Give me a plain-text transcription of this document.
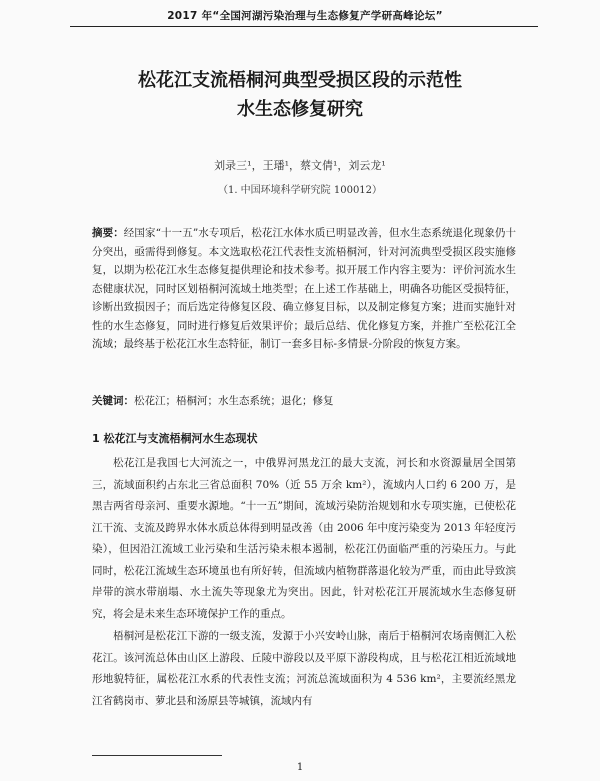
2017 年“全国河湖污染治理与生态修复产学研高峰论坛”
松花江支流梧桐河典型受损区段的示范性
水生态修复研究
刘录三¹，王璠¹，蔡文倩¹，刘云龙¹
（1. 中国环境科学研究院 100012）
摘要：经国家“十一五”水专项后，松花江水体水质已明显改善，但水生态系统退化现象仍十分突出，亟需得到修复。本文选取松花江代表性支流梧桐河，针对河流典型受损区段实施修复，以期为松花江水生态修复提供理论和技术参考。拟开展工作内容主要为：评价河流水生态健康状况，同时区划梧桐河流域土地类型；在上述工作基础上，明确各功能区受损特征，诊断出致损因子；而后选定待修复区段、确立修复目标，以及制定修复方案；进而实施针对性的水生态修复，同时进行修复后效果评价；最后总结、优化修复方案，并推广至松花江全流域；最终基于松花江水生态特征，制订一套多目标-多情景-分阶段的恢复方案。
关键词：松花江；梧桐河；水生态系统；退化；修复
1 松花江与支流梧桐河水生态现状
松花江是我国七大河流之一，中俄界河黑龙江的最大支流，河长和水资源量居全国第三，流域面积约占东北三省总面积 70%（近 55 万余 km²），流域内人口约 6 200 万，是黑吉两省母亲河、重要水源地。“十一五”期间，流域污染防治规划和水专项实施，已使松花江干流、支流及跨界水体水质总体得到明显改善（由 2006 年中度污染变为 2013 年轻度污染），但因沿江流域工业污染和生活污染未根本遏制，松花江仍面临严重的污染压力。与此同时，松花江流域生态环境虽也有所好转，但流域内植物群落退化较为严重，而由此导致滨岸带的滨水带崩塌、水土流失等现象尤为突出。因此，针对松花江开展流域水生态修复研究，将会是未来生态环境保护工作的重点。
梧桐河是松花江下游的一级支流，发源于小兴安岭山脉，南后于梧桐河农场南侧汇入松花江。该河流总体由山区上游段、丘陵中游段以及平原下游段构成，且与松花江相近流域地形地貌特征，属松花江水系的代表性支流；河流总流域面积为 4 536 km²，主要流经黑龙江省鹤岗市、萝北县和汤原县等城镇，流域内有
1
